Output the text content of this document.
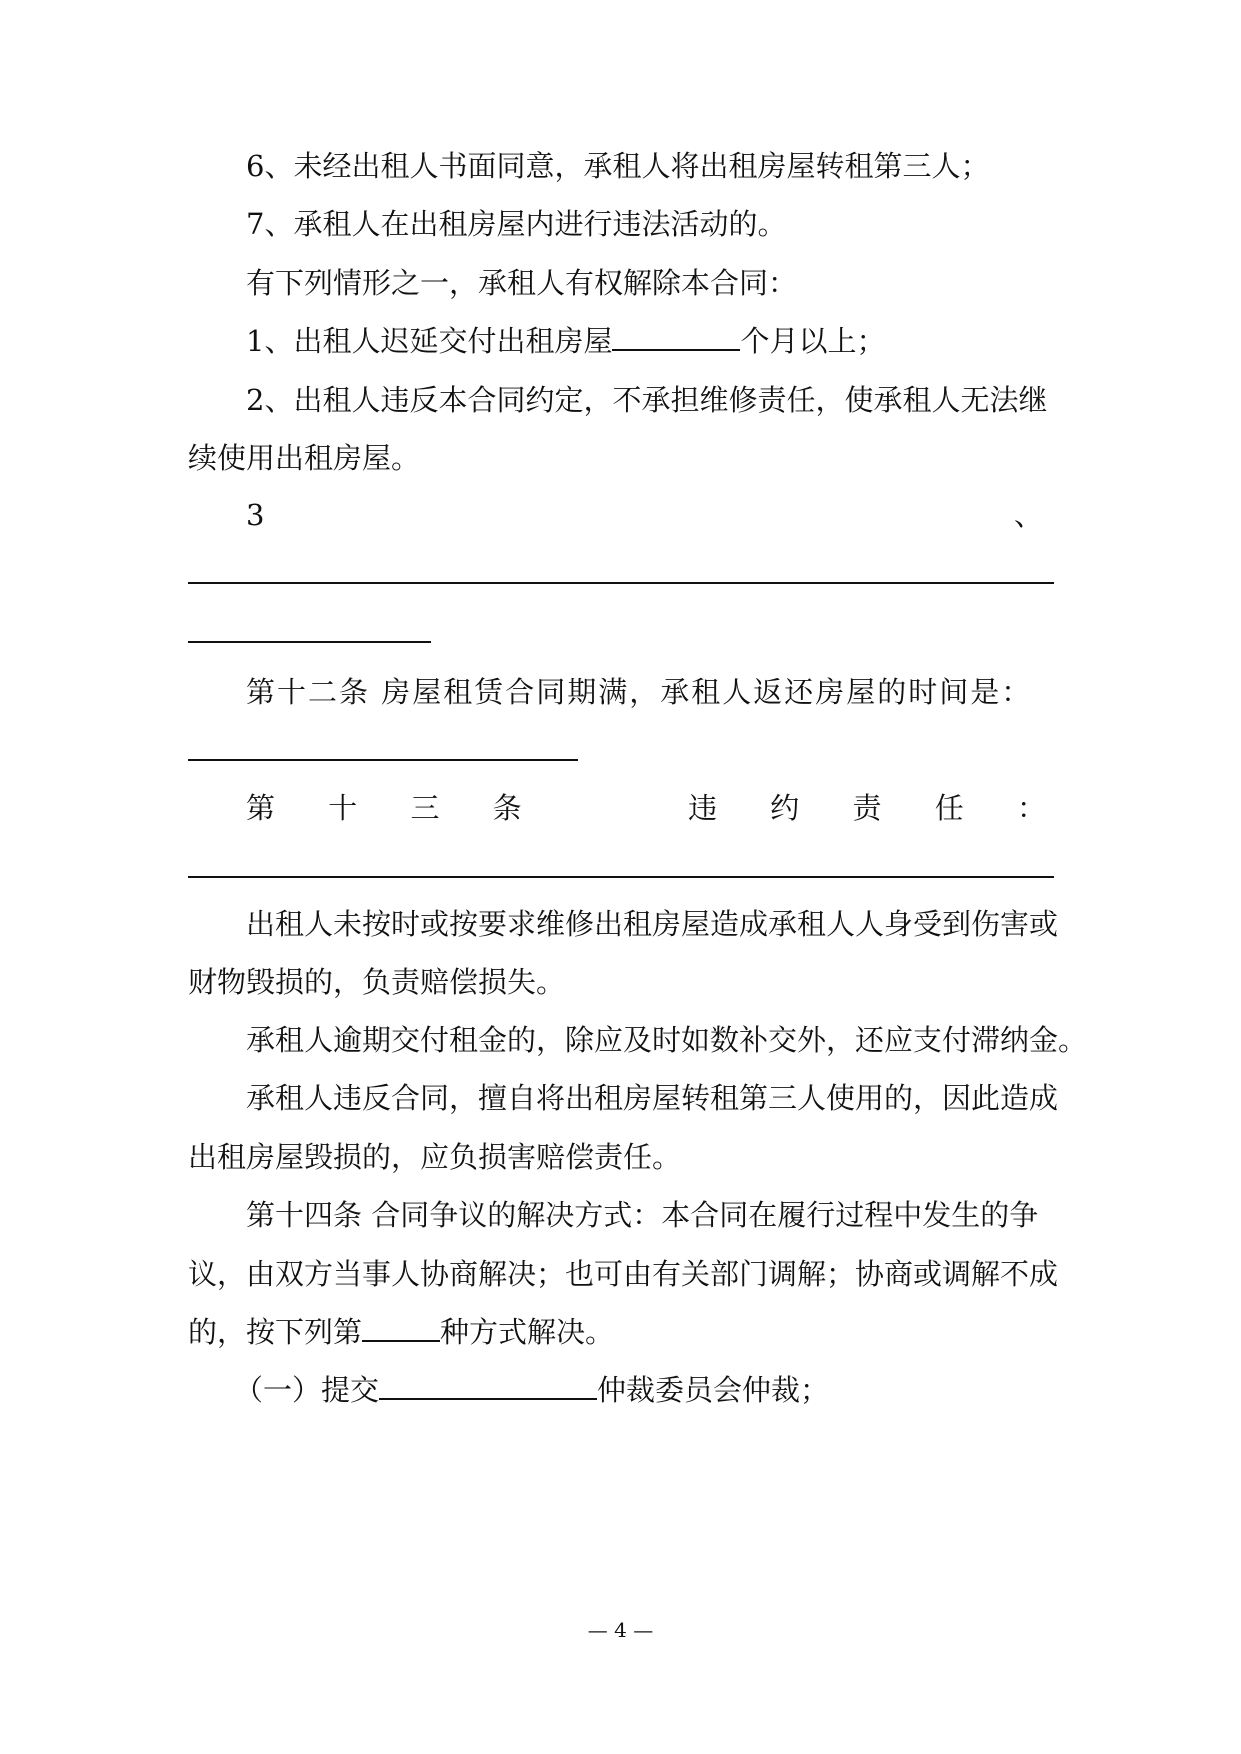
6、未经出租人书面同意，承租人将出租房屋转租第三人；
7、承租人在出租房屋内进行违法活动的。
有下列情形之一，承租人有权解除本合同：
1、出租人迟延交付出租房屋	个月以上；
2、出租人违反本合同约定，不承担维修责任，使承租人无法继
续使用出租房屋。
3	、
第十二条 房屋租赁合同期满，承租人返还房屋的时间是：
第 十 三 条	违 约 责 任 ：
出租人未按时或按要求维修出租房屋造成承租人人身受到伤害或
财物毁损的，负责赔偿损失。
承租人逾期交付租金的，除应及时如数补交外，还应支付滞纳金。
承租人违反合同，擅自将出租房屋转租第三人使用的，因此造成
出租房屋毁损的，应负损害赔偿责任。
第十四条 合同争议的解决方式：本合同在履行过程中发生的争
议，由双方当事人协商解决；也可由有关部门调解；协商或调解不成
的，按下列第	种方式解决。
（一）提交	仲裁委员会仲裁；
— 4 —
